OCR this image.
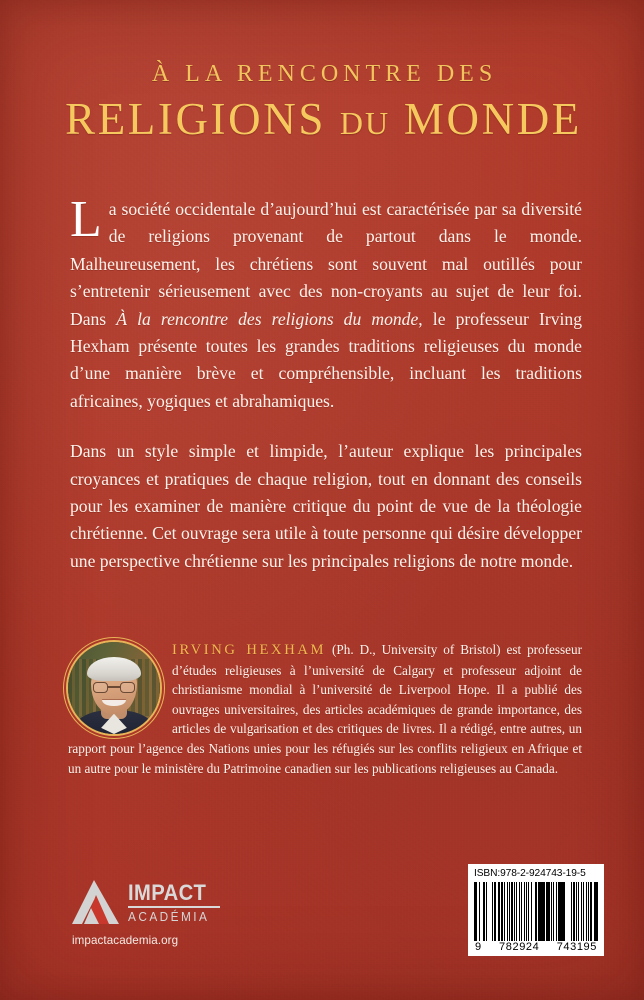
À LA RENCONTRE DES
RELIGIONS DU MONDE

La société occidentale d’aujourd’hui est caractérisée par sa diversité de religions provenant de partout dans le monde. Malheureusement, les chrétiens sont souvent mal outillés pour s’entretenir sérieusement avec des non-croyants au sujet de leur foi. Dans À la rencontre des religions du monde, le professeur Irving Hexham présente toutes les grandes traditions religieuses du monde d’une manière brève et compréhensible, incluant les traditions africaines, yogiques et abrahamiques.

Dans un style simple et limpide, l’auteur explique les principales croyances et pratiques de chaque religion, tout en donnant des conseils pour les examiner de manière critique du point de vue de la théologie chrétienne. Cet ouvrage sera utile à toute personne qui désire développer une perspective chrétienne sur les principales religions de notre monde.

IRVING HEXHAM (Ph. D., University of Bristol) est professeur d’études religieuses à l’université de Calgary et professeur adjoint de christianisme mondial à l’université de Liverpool Hope. Il a publié des ouvrages universitaires, des articles académiques de grande importance, des articles de vulgarisation et des critiques de livres. Il a rédigé, entre autres, un rapport pour l’agence des Nations unies pour les réfugiés sur les conflits religieux en Afrique et un autre pour le ministère du Patrimoine canadien sur les publications religieuses au Canada.
IMPACT
ACADÉMIA
impactacademia.org
ISBN:978-2-924743-19-5
9 782924 743195
